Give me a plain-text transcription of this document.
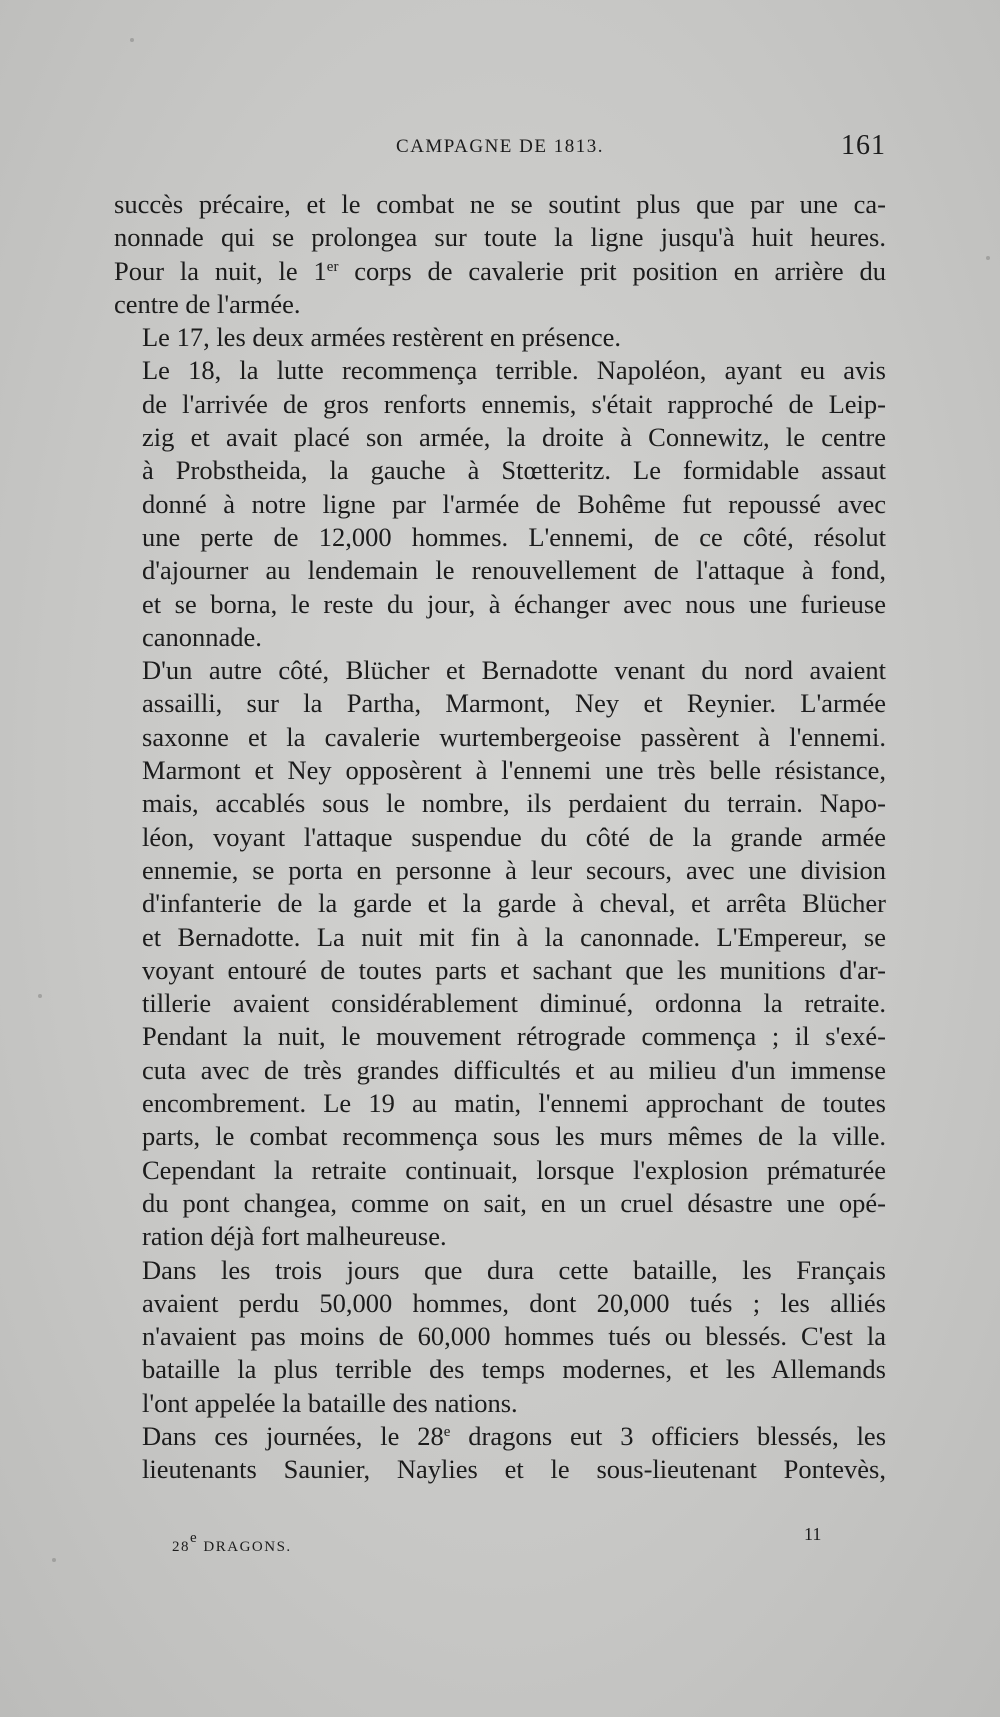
CAMPAGNE DE 1813.	161

succès précaire, et le combat ne se soutint plus que par une ca-
nonnade qui se prolongea sur toute la ligne jusqu'à huit heures.
Pour la nuit, le 1er corps de cavalerie prit position en arrière du
centre de l'armée.

Le 17, les deux armées restèrent en présence.

Le 18, la lutte recommença terrible. Napoléon, ayant eu avis
de l'arrivée de gros renforts ennemis, s'était rapproché de Leip-
zig et avait placé son armée, la droite à Connewitz, le centre
à Probstheida, la gauche à Stœtteritz. Le formidable assaut
donné à notre ligne par l'armée de Bohême fut repoussé avec
une perte de 12,000 hommes. L'ennemi, de ce côté, résolut
d'ajourner au lendemain le renouvellement de l'attaque à fond,
et se borna, le reste du jour, à échanger avec nous une furieuse
canonnade.

D'un autre côté, Blücher et Bernadotte venant du nord avaient
assailli, sur la Partha, Marmont, Ney et Reynier. L'armée
saxonne et la cavalerie wurtembergeoise passèrent à l'ennemi.
Marmont et Ney opposèrent à l'ennemi une très belle résistance,
mais, accablés sous le nombre, ils perdaient du terrain. Napo-
léon, voyant l'attaque suspendue du côté de la grande armée
ennemie, se porta en personne à leur secours, avec une division
d'infanterie de la garde et la garde à cheval, et arrêta Blücher
et Bernadotte. La nuit mit fin à la canonnade. L'Empereur, se
voyant entouré de toutes parts et sachant que les munitions d'ar-
tillerie avaient considérablement diminué, ordonna la retraite.
Pendant la nuit, le mouvement rétrograde commença ; il s'exé-
cuta avec de très grandes difficultés et au milieu d'un immense
encombrement. Le 19 au matin, l'ennemi approchant de toutes
parts, le combat recommença sous les murs mêmes de la ville.
Cependant la retraite continuait, lorsque l'explosion prématurée
du pont changea, comme on sait, en un cruel désastre une opé-
ration déjà fort malheureuse.

Dans les trois jours que dura cette bataille, les Français
avaient perdu 50,000 hommes, dont 20,000 tués ; les alliés
n'avaient pas moins de 60,000 hommes tués ou blessés. C'est la
bataille la plus terrible des temps modernes, et les Allemands
l'ont appelée la bataille des nations.

Dans ces journées, le 28e dragons eut 3 officiers blessés, les
lieutenants Saunier, Naylies et le sous-lieutenant Pontevès,

28e DRAGONS.
11
